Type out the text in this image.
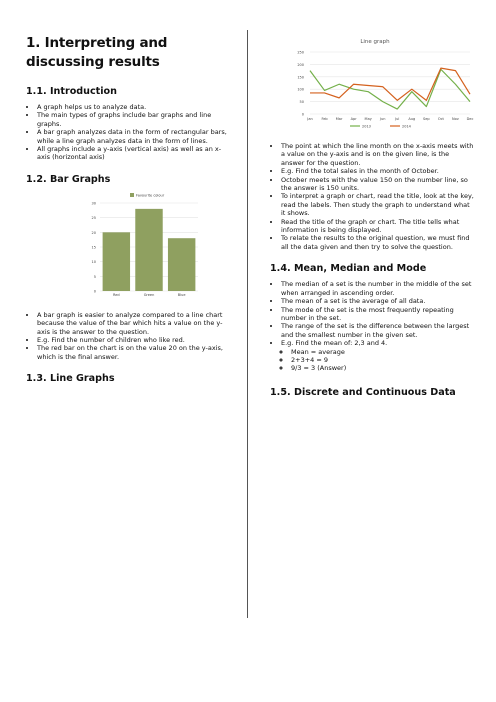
1. Interpreting and discussing results
1.1. Introduction
• A graph helps us to analyze data.
• The main types of graphs include bar graphs and line graphs.
• A bar graph analyzes data in the form of rectangular bars, while a line graph analyzes data in the form of lines.
• All graphs include a y-axis (vertical axis) as well as an x-axis (horizontal axis)
1.2. Bar Graphs
0
5
10
15
20
25
30
Favourite colour
Red	Green	Blue
• A bar graph is easier to analyze compared to a line chart because the value of the bar which hits a value on the y-axis is the answer to the question.
• E.g. Find the number of children who like red.
• The red bar on the chart is on the value 20 on the y-axis, which is the final answer.
1.3. Line Graphs
Line graph
0
50
100
150
200
250
Jan Feb Mar Apr May Jun	Jul	Aug Sep Oct Nov Dec
2013	2014
• The point at which the line month on the x-axis meets with a value on the y-axis and is on the given line, is the answer for the question.
• E.g. Find the total sales in the month of October.
• October meets with the value 150 on the number line, so the answer is 150 units.
• To interpret a graph or chart, read the title, look at the key, read the labels. Then study the graph to understand what it shows.
• Read the title of the graph or chart. The title tells what information is being displayed.
• To relate the results to the original question, we must find all the data given and then try to solve the question.
1.4. Mean, Median and Mode
• The median of a set is the number in the middle of the set when arranged in ascending order.
• The mean of a set is the average of all data.
• The mode of the set is the most frequently repeating number in the set.
• The range of the set is the difference between the largest and the smallest number in the given set.
• E.g. Find the mean of: 2,3 and 4.
◦ Mean = average
◦ 2+3+4 = 9
◦ 9/3 = 3 (Answer)
1.5. Discrete and Continuous Data
